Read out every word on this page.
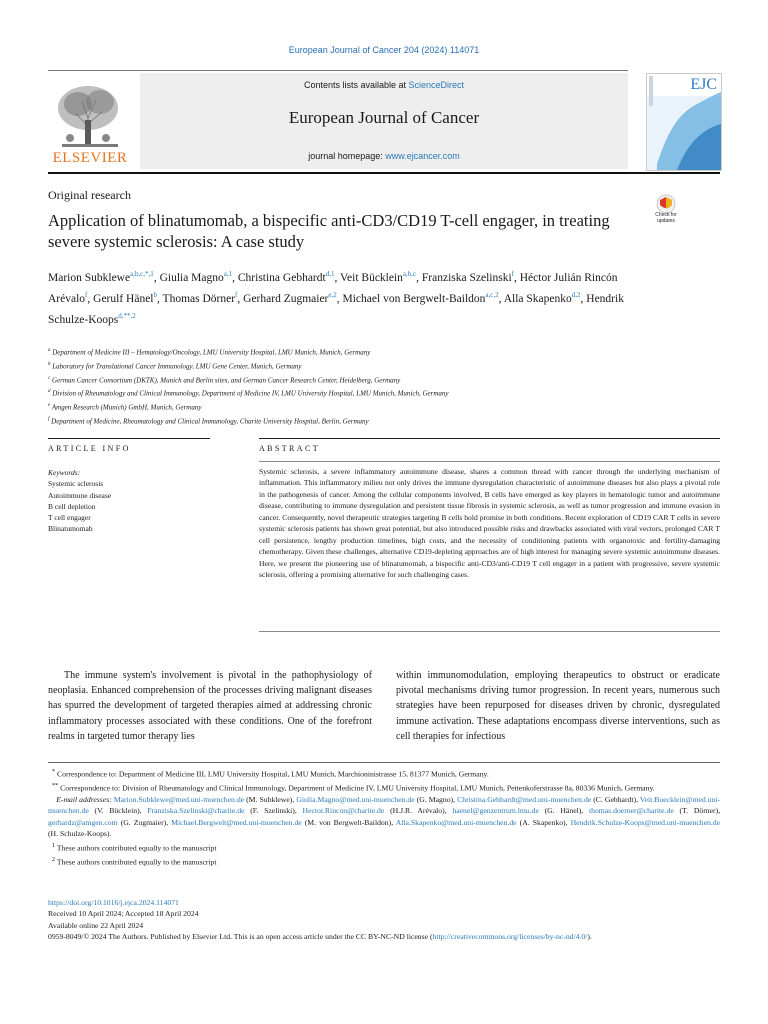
European Journal of Cancer 204 (2024) 114071
ELSEVIER
Contents lists available at ScienceDirect
European Journal of Cancer
journal homepage: www.ejcancer.com
EJC
Original research
Application of blinatumomab, a bispecific anti-CD3/CD19 T-cell engager, in treating severe systemic sclerosis: A case study
Check for updates
Marion Subklewe$^{a,b,c,*,1}$, Giulia Magno$^{a,1}$, Christina Gebhardt$^{d,1}$, Veit Bücklein$^{a,b,c}$, Franziska Szelinski$^f$, Héctor Julián Rincón Arévalo$^f$, Gerulf Hänel$^b$, Thomas Dörner$^f$, Gerhard Zugmaier$^{e,2}$, Michael von Bergwelt-Baildon$^{a,c,2}$, Alla Skapenko$^{d,2}$, Hendrik Schulze-Koops$^{d,**,2}$
$^a$ Department of Medicine III – Hematology/Oncology, LMU University Hospital, LMU Munich, Munich, Germany
$^b$ Laboratory for Translational Cancer Immunology, LMU Gene Center, Munich, Germany
$^c$ German Cancer Consortium (DKTK), Munich and Berlin sites, and German Cancer Research Center, Heidelberg, Germany
$^d$ Division of Rheumatology and Clinical Immunology, Department of Medicine IV, LMU University Hospital, LMU Munich, Munich, Germany
$^e$ Amgen Research (Munich) GmbH, Munich, Germany
$^f$ Department of Medicine, Rheumatology and Clinical Immunology, Charite University Hospital, Berlin, Germany
ARTICLE INFO	ABSTRACT
Keywords:
Systemic sclerosis
Autoimmune disease
B cell depletion
T cell engager
Blinatumomab
Systemic sclerosis, a severe inflammatory autoimmune disease, shares a common thread with cancer through the underlying mechanism of inflammation. This inflammatory milieu not only drives the immune dysregulation characteristic of autoimmune diseases but also plays a pivotal role in the pathogenesis of cancer. Among the cellular components involved, B cells have emerged as key players in hematologic tumor and autoimmune disease, contributing to immune dysregulation and persistent tissue fibrosis in systemic sclerosis, as well as tumor progression and immune evasion in cancer. Consequently, novel therapeutic strategies targeting B cells hold promise in both conditions. Recent exploration of CD19 CAR T cells in severe systemic sclerosis patients has shown great potential, but also introduced possible risks and drawbacks associated with viral vectors, prolonged CAR T cell persistence, lengthy production timelines, high costs, and the necessity of conditioning patients with organotoxic and fertility-damaging chemotherapy. Given these challenges, alternative CD19-depleting approaches are of high interest for managing severe systemic autoimmune diseases. Here, we present the pioneering use of blinatumomab, a bispecific anti-CD3/anti-CD19 T cell engager in a patient with progressive, severe systemic sclerosis, offering a promising alternative for such challenging cases.
The immune system's involvement is pivotal in the pathophysiology of neoplasia. Enhanced comprehension of the processes driving malignant diseases has spurred the development of targeted therapies aimed at addressing chronic inflammatory processes associated with these conditions. One of the forefront realms in targeted tumor therapy lies
within immunomodulation, employing therapeutics to obstruct or eradicate pivotal mechanisms driving tumor progression. In recent years, numerous such strategies have been repurposed for diseases driven by chronic, dysregulated immune activation. These adaptations encompass diverse interventions, such as cell therapies for infectious

* Correspondence to: Department of Medicine III, LMU University Hospital, LMU Munich, Marchioninistrasse 15, 81377 Munich, Germany.

** Correspondence to: Division of Rheumatology and Clinical Immunology, Department of Medicine IV, LMU University Hospital, LMU Munich, Pettenkoferstrasse 8a, 80336 Munich, Germany.

E-mail addresses: Marion.Subklewe@med.uni-muenchen.de (M. Subklewe), Giulia.Magno@med.uni-muenchen.de (G. Magno), Christina.Gebhardt@med.uni-muenchen.de (C. Gebhardt), Veit.Buecklein@med.uni-muenchen.de (V. Bücklein), Franziska.Szelinski@charite.de (F. Szelinski), Hector.Rincon@charite.de (H.J.R. Arévalo), haenel@genzentrum.lmu.de (G. Hänel), thomas.doerner@charite.de (T. Dörner), gerhardz@amgen.com (G. Zugmaier), Michael.Bergwelt@med.uni-muenchen.de (M. von Bergwelt-Baildon), Alla.Skapenko@med.uni-muenchen.de (A. Skapenko), Hendrik.Schulze-Koops@med.uni-muenchen.de (H. Schulze-Koops).

$^1$ These authors contributed equally to the manuscript

$^2$ These authors contributed equally to the manuscript

https://doi.org/10.1016/j.ejca.2024.114071
Received 10 April 2024; Accepted 18 April 2024
Available online 22 April 2024
0959-8049/© 2024 The Authors. Published by Elsevier Ltd. This is an open access article under the CC BY-NC-ND license (http://creativecommons.org/licenses/by-nc-nd/4.0/).
